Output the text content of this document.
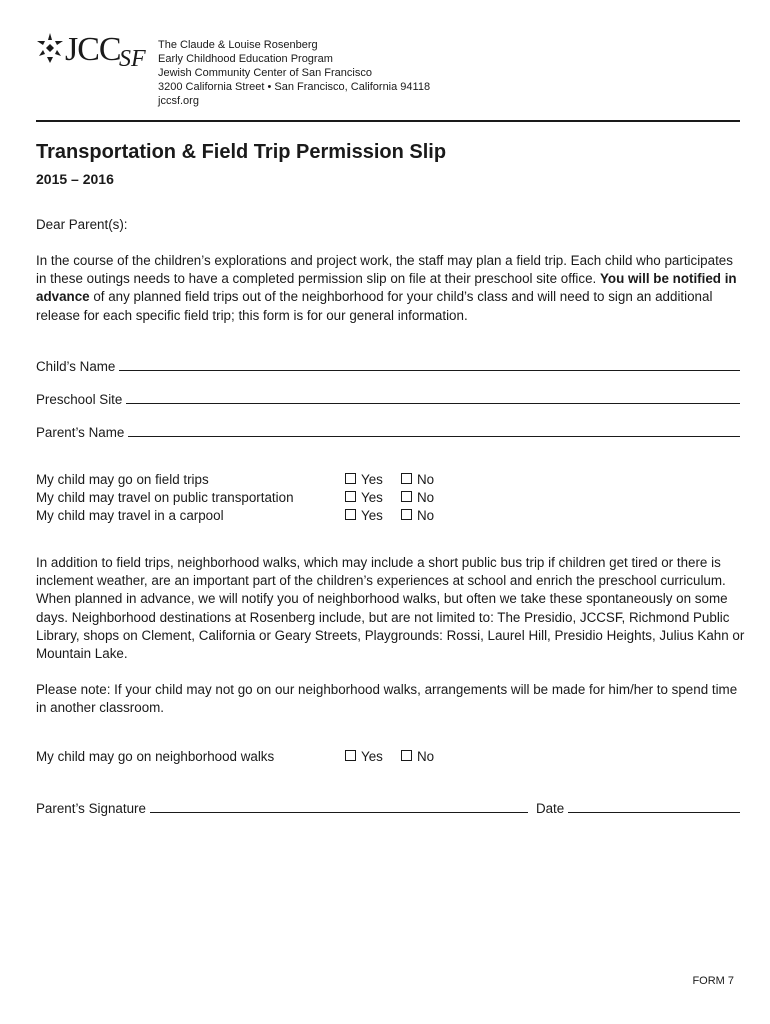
JCC
SF
The Claude & Louise Rosenberg
Early Childhood Education Program
Jewish Community Center of San Francisco
3200 California Street • San Francisco, California 94118
jccsf.org
Transportation & Field Trip Permission Slip
2015 – 2016
Dear Parent(s):
In the course of the children’s explorations and project work, the staff may plan a field trip. Each child who participates in these outings needs to have a completed permission slip on file at their preschool site office. You will be notified in advance of any planned field trips out of the neighborhood for your child’s class and will need to sign an additional release for each specific field trip; this form is for our general information.
Child’s Name
Preschool Site
Parent’s Name
My child may go on field trips	Yes	No
My child may travel on public transportation	Yes	No
My child may travel in a carpool	Yes	No
In addition to field trips, neighborhood walks, which may include a short public bus trip if children get tired or there is inclement weather, are an important part of the children’s experiences at school and enrich the preschool curriculum. When planned in advance, we will notify you of neighborhood walks, but often we take these spontaneously on some days. Neighborhood destinations at Rosenberg include, but are not limited to: The Presidio, JCCSF, Richmond Public Library, shops on Clement, California or Geary Streets, Playgrounds: Rossi, Laurel Hill, Presidio Heights, Julius Kahn or Mountain Lake.
Please note: If your child may not go on our neighborhood walks, arrangements will be made for him/her to spend time in another classroom.
My child may go on neighborhood walks	Yes	No
Parent’s Signature	Date
FORM 7
